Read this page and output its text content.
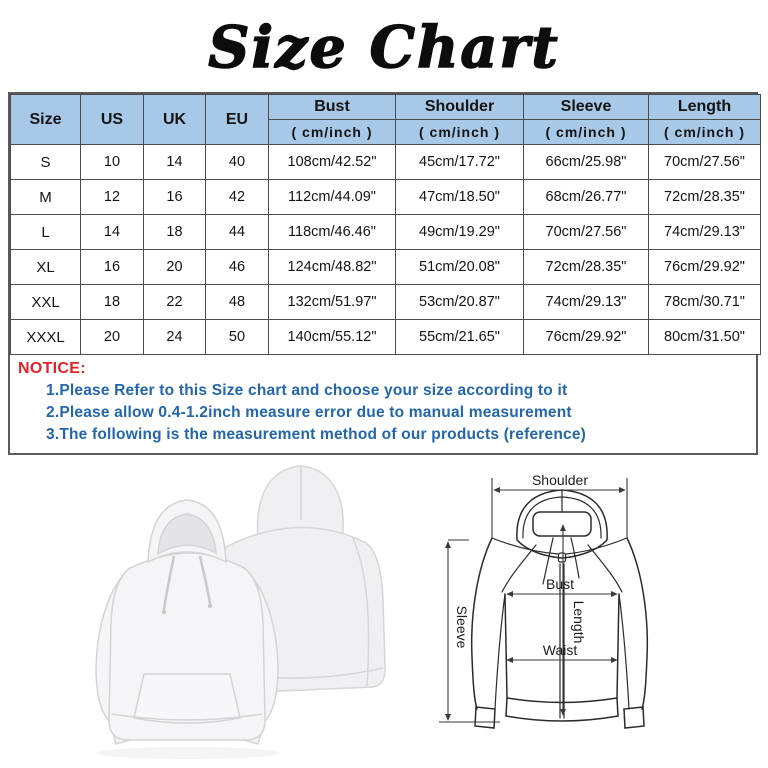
Size Chart
Size	US	UK	EU	Bust	Shoulder	Sleeve	Length
				( cm/inch )	( cm/inch )	( cm/inch )	( cm/inch )
S	10	14	40	108cm/42.52"	45cm/17.72"	66cm/25.98"	70cm/27.56"
M	12	16	42	112cm/44.09"	47cm/18.50"	68cm/26.77"	72cm/28.35"
L	14	18	44	118cm/46.46"	49cm/19.29"	70cm/27.56"	74cm/29.13"
XL	16	20	46	124cm/48.82"	51cm/20.08"	72cm/28.35"	76cm/29.92"
XXL	18	22	48	132cm/51.97"	53cm/20.87"	74cm/29.13"	78cm/30.71"
XXXL	20	24	50	140cm/55.12"	55cm/21.65"	76cm/29.92"	80cm/31.50"
NOTICE:
1.Please Refer to this Size chart and choose your size according to it
2.Please allow 0.4-1.2inch measure error due to manual measurement
3.The following is the measurement method of our products (reference)
Shoulder
Bust
Waist
Length
Sleeve
